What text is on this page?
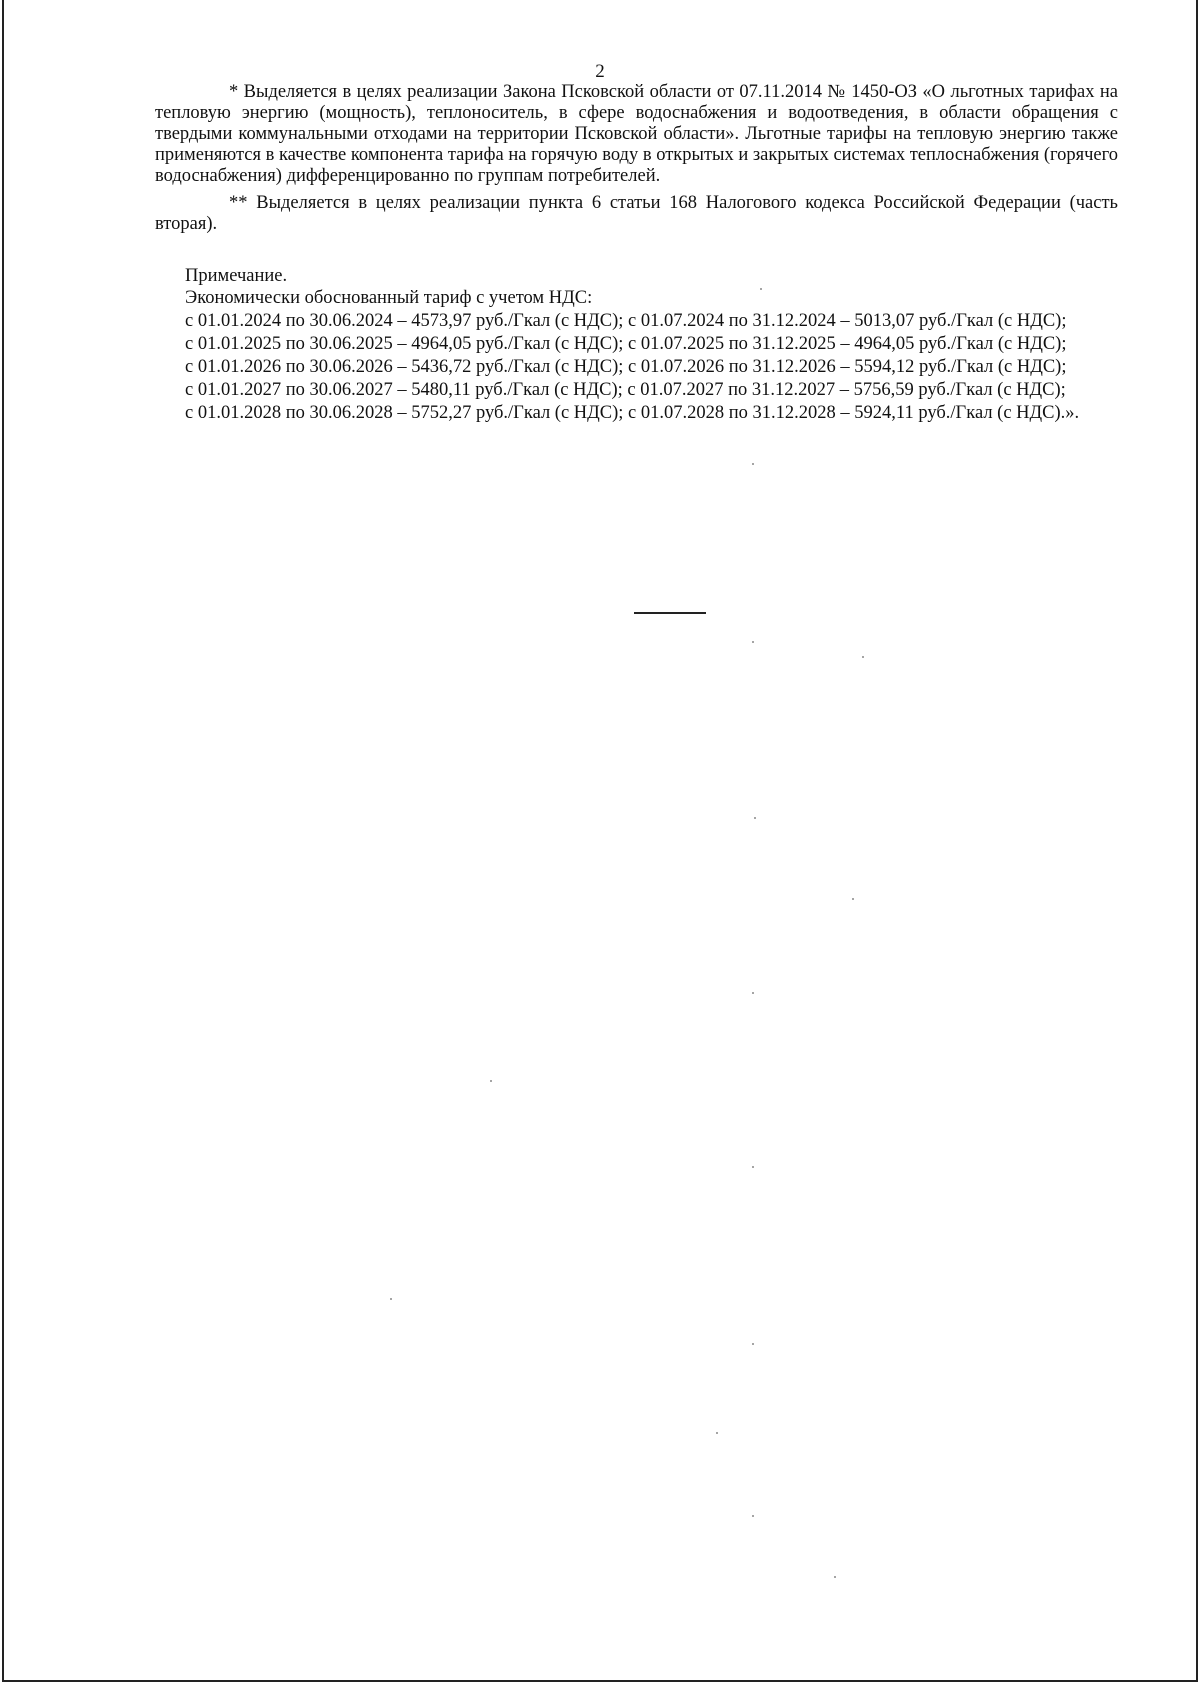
2

* Выделяется в целях реализации Закона Псковской области от 07.11.2014 № 1450-ОЗ «О льготных тарифах на тепловую энергию (мощность), теплоноситель, в сфере водоснабжения и водоотведения, в области обращения с твердыми коммунальными отходами на территории Псковской области». Льготные тарифы на тепловую энергию также применяются в качестве компонента тарифа на горячую воду в открытых и закрытых системах теплоснабжения (горячего водоснабжения) дифференцированно по группам потребителей.

** Выделяется в целях реализации пункта 6 статьи 168 Налогового кодекса Российской Федерации (часть вторая).

Примечание.

Экономически обоснованный тариф с учетом НДС:

с 01.01.2024 по 30.06.2024 – 4573,97 руб./Гкал (с НДС); с 01.07.2024 по 31.12.2024 – 5013,07 руб./Гкал (с НДС);

с 01.01.2025 по 30.06.2025 – 4964,05 руб./Гкал (с НДС); с 01.07.2025 по 31.12.2025 – 4964,05 руб./Гкал (с НДС);

с 01.01.2026 по 30.06.2026 – 5436,72 руб./Гкал (с НДС); с 01.07.2026 по 31.12.2026 – 5594,12 руб./Гкал (с НДС);

с 01.01.2027 по 30.06.2027 – 5480,11 руб./Гкал (с НДС); с 01.07.2027 по 31.12.2027 – 5756,59 руб./Гкал (с НДС);

с 01.01.2028 по 30.06.2028 – 5752,27 руб./Гкал (с НДС); с 01.07.2028 по 31.12.2028 – 5924,11 руб./Гкал (с НДС).».
